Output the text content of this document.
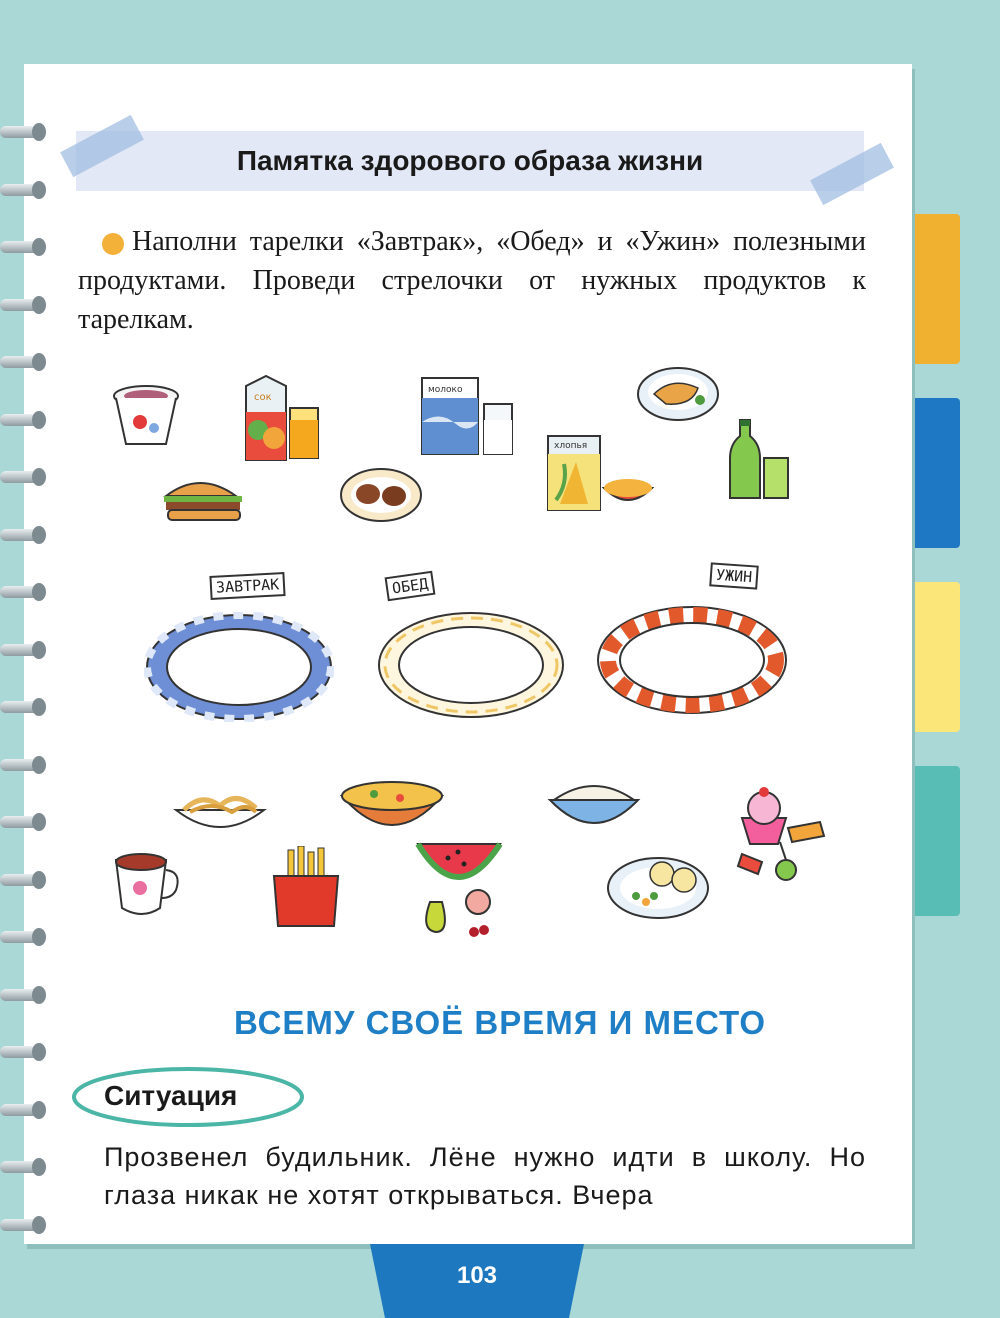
Памятка здорового образа жизни
Наполни тарелки «Завтрак», «Обед» и «Ужин» полезными продуктами. Проведи стрелочки от нужных продуктов к тарелкам.
сок
молоко
хлопья
ЗАВТРАК	ОБЕД	УЖИН
ВСЕМУ СВОЁ ВРЕМЯ И МЕСТО
Ситуация
Прозвенел будильник. Лёне нужно идти в школу. Но глаза никак не хотят открываться. Вчера
103
